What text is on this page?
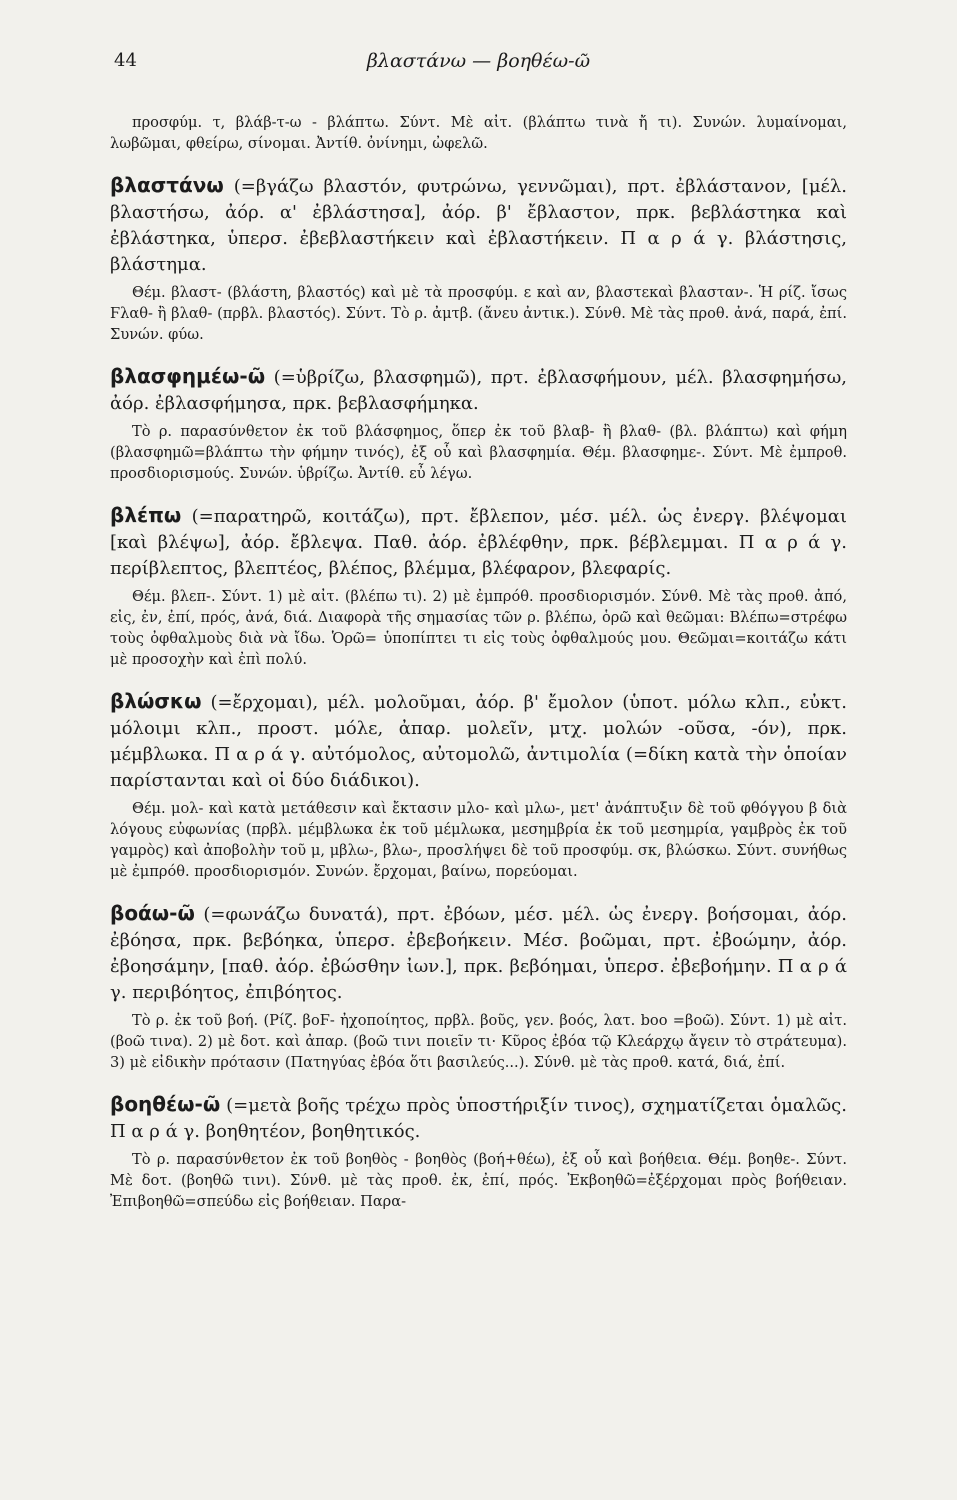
44	βλαστάνω — βοηθέω-ῶ

προσφύμ. τ, βλάβ-τ-ω - βλάπτω. Σύντ. Μὲ αἰτ. (βλάπτω τινὰ ἤ τι). Συνών. λυμαίνομαι, λωβῶμαι, φθείρω, σίνομαι. Ἀντίθ. ὀνίνημι, ὠφελῶ.

βλαστάνω (=βγάζω βλαστόν, φυτρώνω, γεννῶμαι), πρτ. ἐβλάστανον, [μέλ. βλαστήσω, ἀόρ. α' ἐβλάστησα], ἀόρ. β' ἔβλαστον, πρκ. βεβλάστηκα καὶ ἐβλάστηκα, ὑπερσ. ἐβεβλαστήκειν καὶ ἐβλαστήκειν. Π α ρ ά γ. βλάστησις, βλάστημα.

Θέμ. βλαστ- (βλάστη, βλαστός) καὶ μὲ τὰ προσφύμ. ε καὶ αν, βλαστεκαὶ βλασταν-. Ἡ ρίζ. ἴσως Ϝλαθ- ἢ βλαθ- (πρβλ. βλαστός). Σύντ. Τὸ ρ. ἀμτβ. (ἄνευ ἀντικ.). Σύνθ. Μὲ τὰς προθ. ἀνά, παρά, ἐπί. Συνών. φύω.

βλασφημέω-ῶ (=ὑβρίζω, βλασφημῶ), πρτ. ἐβλασφήμουν, μέλ. βλασφημήσω, ἀόρ. ἐβλασφήμησα, πρκ. βεβλασφήμηκα.

Τὸ ρ. παρασύνθετον ἐκ τοῦ βλάσφημος, ὅπερ ἐκ τοῦ βλαβ- ἢ βλαθ- (βλ. βλάπτω) καὶ φήμη (βλασφημῶ=βλάπτω τὴν φήμην τινός), ἐξ οὗ καὶ βλασφημία. Θέμ. βλασφημε-. Σύντ. Μὲ ἐμπροθ. προσδιορισμούς. Συνών. ὑβρίζω. Ἀντίθ. εὖ λέγω.

βλέπω (=παρατηρῶ, κοιτάζω), πρτ. ἔβλεπον, μέσ. μέλ. ὡς ἐνεργ. βλέψομαι [καὶ βλέψω], ἀόρ. ἔβλεψα. Παθ. ἀόρ. ἐβλέφθην, πρκ. βέβλεμμαι. Π α ρ ά γ. περίβλεπτος, βλεπτέος, βλέπος, βλέμμα, βλέφαρον, βλεφαρίς.

Θέμ. βλεπ-. Σύντ. 1) μὲ αἰτ. (βλέπω τι). 2) μὲ ἐμπρόθ. προσδιορισμόν. Σύνθ. Μὲ τὰς προθ. ἀπό, εἰς, ἐν, ἐπί, πρός, ἀνά, διά. Διαφορὰ τῆς σημασίας τῶν ρ. βλέπω, ὁρῶ καὶ θεῶμαι: Βλέπω=στρέφω τοὺς ὀφθαλμοὺς διὰ νὰ ἴδω. Ὁρῶ= ὑποπίπτει τι εἰς τοὺς ὀφθαλμούς μου. Θεῶμαι=κοιτάζω κάτι μὲ προσοχὴν καὶ ἐπὶ πολύ.

βλώσκω (=ἔρχομαι), μέλ. μολοῦμαι, ἀόρ. β' ἔμολον (ὑποτ. μόλω κλπ., εὐκτ. μόλοιμι κλπ., προστ. μόλε, ἀπαρ. μολεῖν, μτχ. μολών -οῦσα, -όν), πρκ. μέμβλωκα. Π α ρ ά γ. αὐτόμολος, αὐτομολῶ, ἀντιμολία (=δίκη κατὰ τὴν ὁποίαν παρίστανται καὶ οἱ δύο διάδικοι).

Θέμ. μολ- καὶ κατὰ μετάθεσιν καὶ ἔκτασιν μλο- καὶ μλω-, μετ' ἀνάπτυξιν δὲ τοῦ φθόγγου β διὰ λόγους εὐφωνίας (πρβλ. μέμβλωκα ἐκ τοῦ μέμλωκα, μεσημβρία ἐκ τοῦ μεσημρία, γαμβρὸς ἐκ τοῦ γαμρὸς) καὶ ἀποβολὴν τοῦ μ, μβλω-, βλω-, προσλήψει δὲ τοῦ προσφύμ. σκ, βλώσκω. Σύντ. συνήθως μὲ ἐμπρόθ. προσδιορισμόν. Συνών. ἔρχομαι, βαίνω, πορεύομαι.

βοάω-ῶ (=φωνάζω δυνατά), πρτ. ἐβόων, μέσ. μέλ. ὡς ἐνεργ. βοήσομαι, ἀόρ. ἐβόησα, πρκ. βεβόηκα, ὑπερσ. ἐβεβοήκειν. Μέσ. βοῶμαι, πρτ. ἐβοώμην, ἀόρ. ἐβοησάμην, [παθ. ἀόρ. ἐβώσθην ἰων.], πρκ. βεβόημαι, ὑπερσ. ἐβεβοήμην. Π α ρ ά γ. περιβόητος, ἐπιβόητος.

Τὸ ρ. ἐκ τοῦ βοή. (Ρίζ. βοϜ- ἠχοποίητος, πρβλ. βοῦς, γεν. βοός, λατ. boo =βοῶ). Σύντ. 1) μὲ αἰτ. (βοῶ τινα). 2) μὲ δοτ. καὶ ἀπαρ. (βοῶ τινι ποιεῖν τι· Κῦρος ἐβόα τῷ Κλεάρχῳ ἄγειν τὸ στράτευμα). 3) μὲ εἰδικὴν πρότασιν (Πατηγύας ἐβόα ὅτι βασιλεύς...). Σύνθ. μὲ τὰς προθ. κατά, διά, ἐπί.

βοηθέω-ῶ (=μετὰ βοῆς τρέχω πρὸς ὑποστήριξίν τινος), σχηματίζεται ὁμαλῶς. Π α ρ ά γ. βοηθητέον, βοηθητικός.

Τὸ ρ. παρασύνθετον ἐκ τοῦ βοηθὸς - βοηθὸς (βοή+θέω), ἐξ οὗ καὶ βοήθεια. Θέμ. βοηθε-. Σύντ. Μὲ δοτ. (βοηθῶ τινι). Σύνθ. μὲ τὰς προθ. ἐκ, ἐπί, πρός. Ἐκβοηθῶ=ἐξέρχομαι πρὸς βοήθειαν. Ἐπιβοηθῶ=σπεύδω εἰς βοήθειαν. Παρα-
